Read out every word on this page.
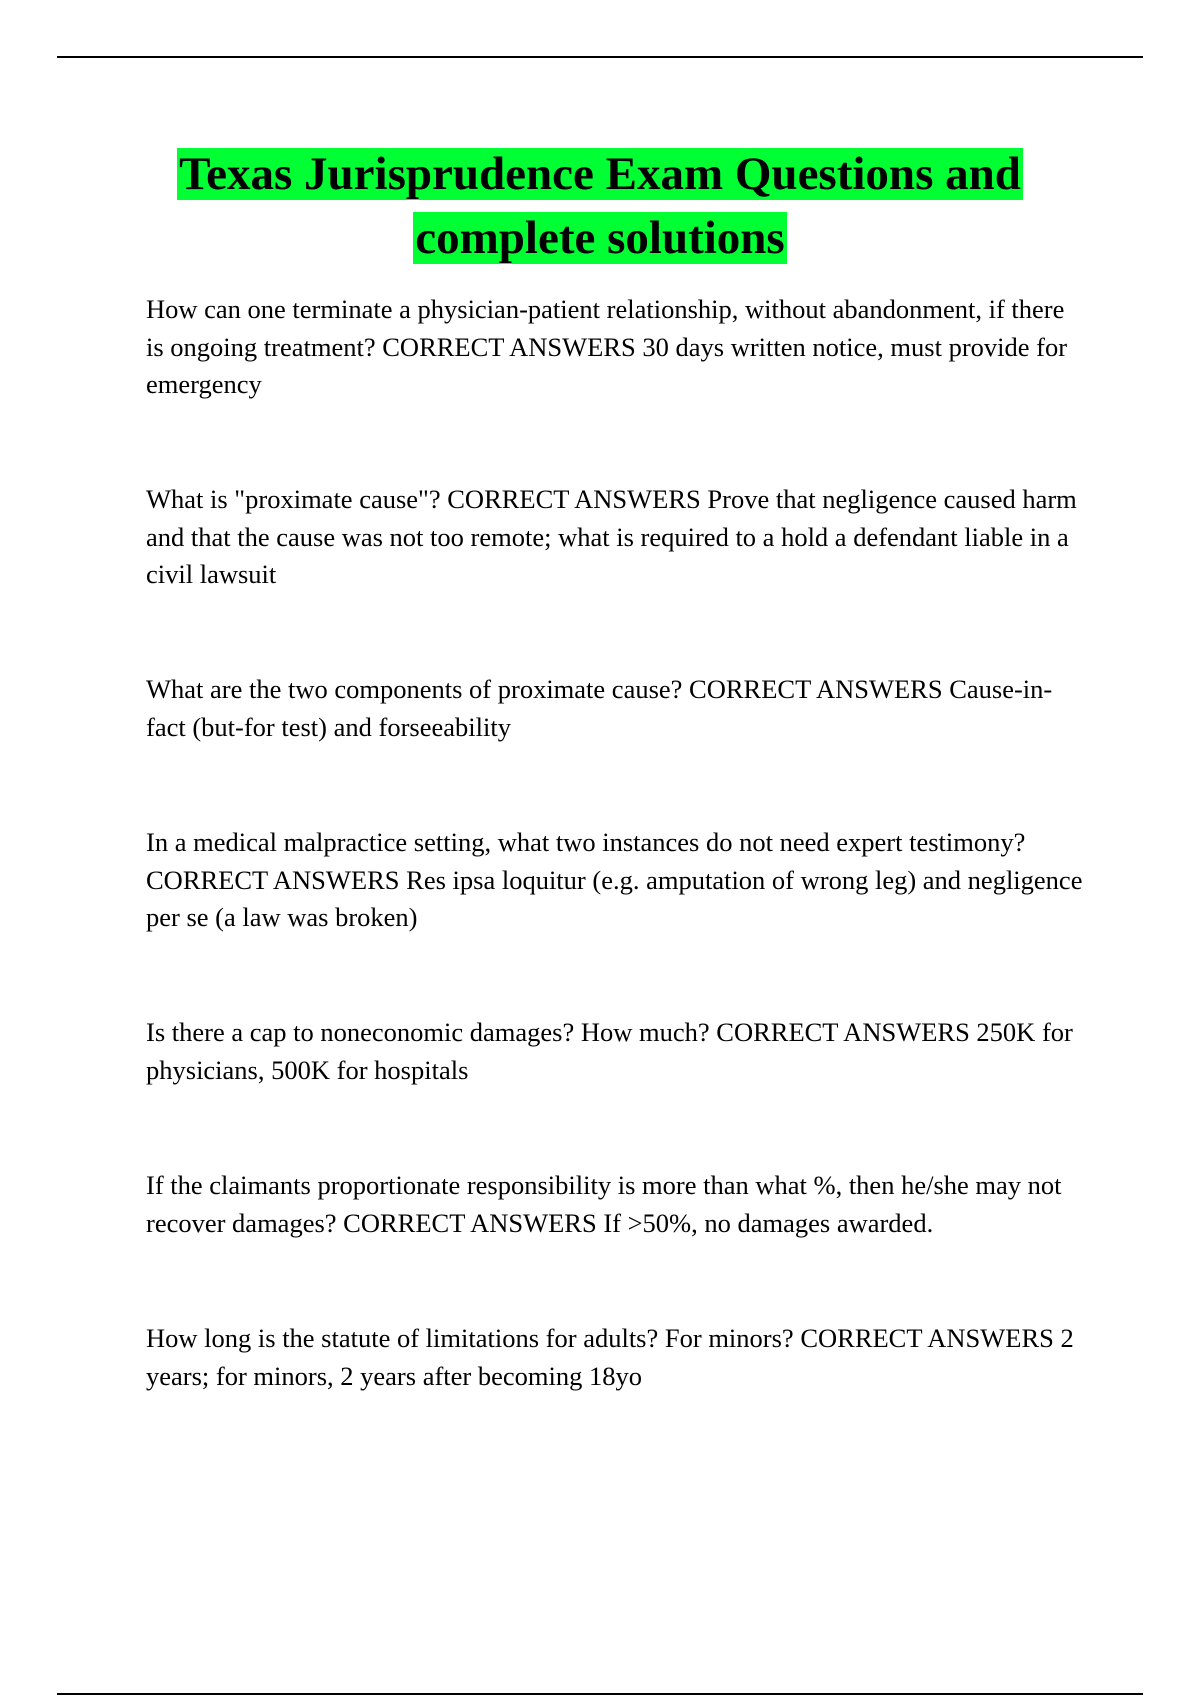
Texas Jurisprudence Exam Questions and
complete solutions

How can one terminate a physician-patient relationship, without abandonment, if there is ongoing treatment? CORRECT ANSWERS 30 days written notice, must provide for emergency

What is "proximate cause"? CORRECT ANSWERS Prove that negligence caused harm and that the cause was not too remote; what is required to a hold a defendant liable in a civil lawsuit

What are the two components of proximate cause? CORRECT ANSWERS Cause-in-fact (but-for test) and forseeability

In a medical malpractice setting, what two instances do not need expert testimony? CORRECT ANSWERS Res ipsa loquitur (e.g. amputation of wrong leg) and negligence per se (a law was broken)

Is there a cap to noneconomic damages? How much? CORRECT ANSWERS 250K for physicians, 500K for hospitals

If the claimants proportionate responsibility is more than what %, then he/she may not recover damages? CORRECT ANSWERS If >50%, no damages awarded.

How long is the statute of limitations for adults? For minors? CORRECT ANSWERS 2 years; for minors, 2 years after becoming 18yo
